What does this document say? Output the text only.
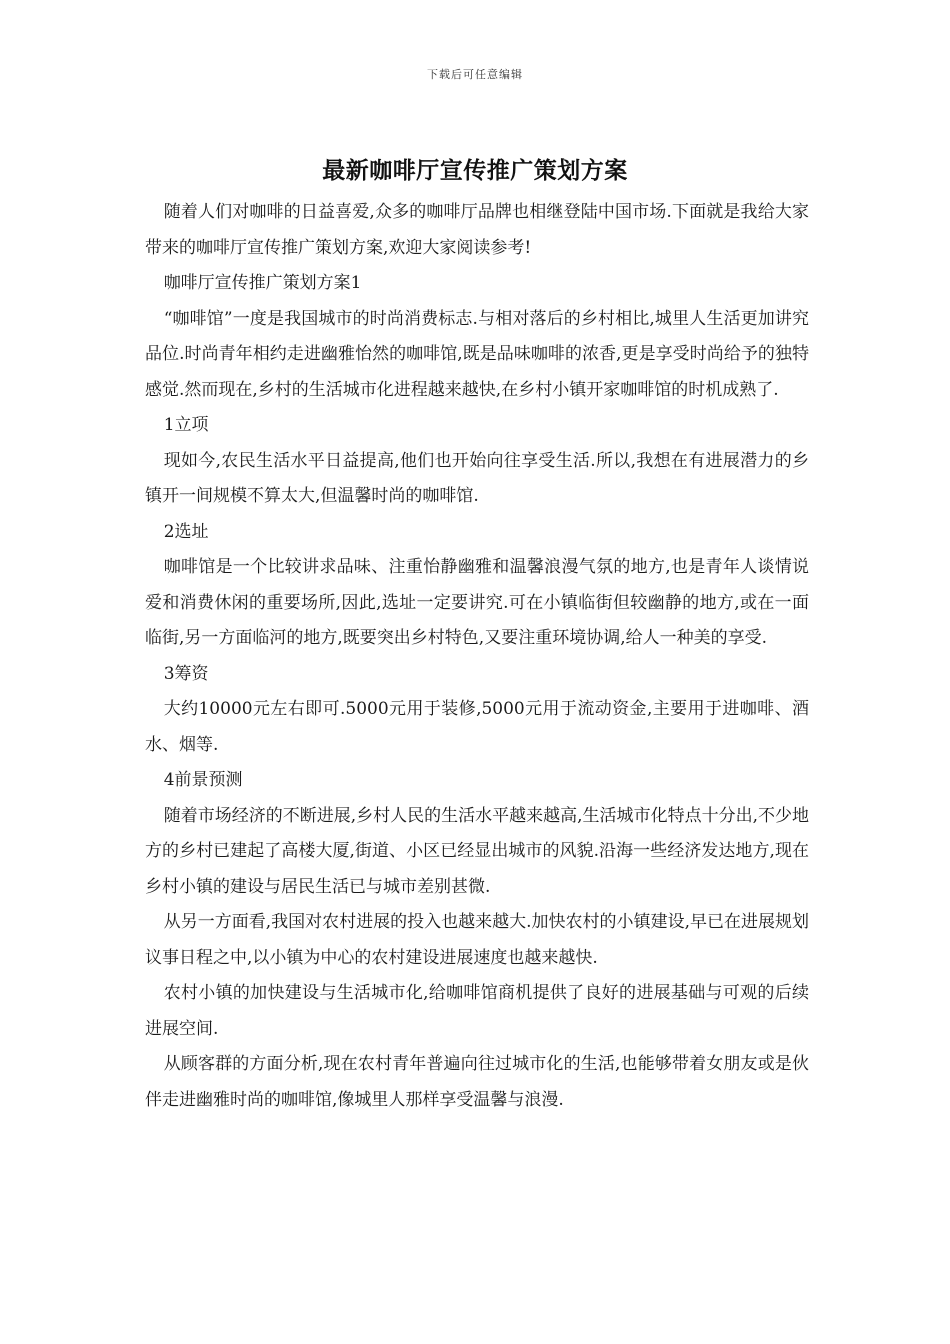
下载后可任意编辑
最新咖啡厅宣传推广策划方案

随着人们对咖啡的日益喜爱,众多的咖啡厅品牌也相继登陆中国市场.下面就是我给大家带来的咖啡厅宣传推广策划方案,欢迎大家阅读参考!

咖啡厅宣传推广策划方案1

“咖啡馆”一度是我国城市的时尚消费标志.与相对落后的乡村相比,城里人生活更加讲究品位.时尚青年相约走进幽雅怡然的咖啡馆,既是品味咖啡的浓香,更是享受时尚给予的独特感觉.然而现在,乡村的生活城市化进程越来越快,在乡村小镇开家咖啡馆的时机成熟了.

1立项

现如今,农民生活水平日益提高,他们也开始向往享受生活.所以,我想在有进展潜力的乡镇开一间规模不算太大,但温馨时尚的咖啡馆.

2选址

咖啡馆是一个比较讲求品味、注重怡静幽雅和温馨浪漫气氛的地方,也是青年人谈情说爱和消费休闲的重要场所,因此,选址一定要讲究.可在小镇临街但较幽静的地方,或在一面临街,另一方面临河的地方,既要突出乡村特色,又要注重环境协调,给人一种美的享受.

3筹资

大约10000元左右即可.5000元用于装修,5000元用于流动资金,主要用于进咖啡、酒水、烟等.

4前景预测

随着市场经济的不断进展,乡村人民的生活水平越来越高,生活城市化特点十分出,不少地方的乡村已建起了高楼大厦,街道、小区已经显出城市的风貌.沿海一些经济发达地方,现在乡村小镇的建设与居民生活已与城市差别甚微.

从另一方面看,我国对农村进展的投入也越来越大.加快农村的小镇建设,早已在进展规划议事日程之中,以小镇为中心的农村建设进展速度也越来越快.

农村小镇的加快建设与生活城市化,给咖啡馆商机提供了良好的进展基础与可观的后续进展空间.

从顾客群的方面分析,现在农村青年普遍向往过城市化的生活,也能够带着女朋友或是伙伴走进幽雅时尚的咖啡馆,像城里人那样享受温馨与浪漫.
